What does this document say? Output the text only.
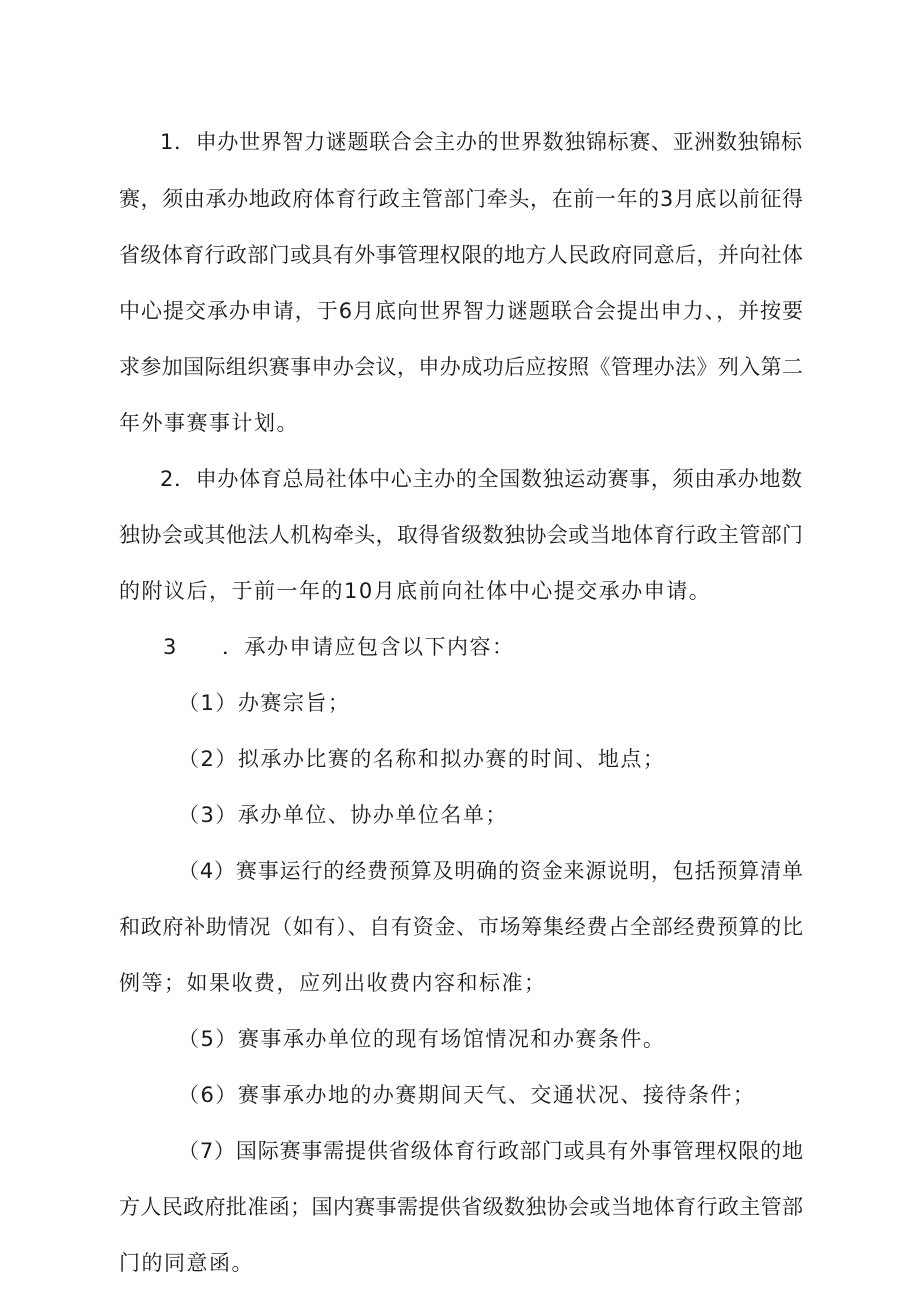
1．申办世界智力谜题联合会主办的世界数独锦标赛、亚洲数独锦标
赛，须由承办地政府体育行政主管部门牵头，在前一年的3月底以前征得
省级体育行政部门或具有外事管理权限的地方人民政府同意后，并向社体
中心提交承办申请，于6月底向世界智力谜题联合会提出申力、，并按要
求参加国际组织赛事申办会议，申办成功后应按照《管理办法》列入第二
年外事赛事计划。
2．申办体育总局社体中心主办的全国数独运动赛事，须由承办地数
独协会或其他法人机构牵头，取得省级数独协会或当地体育行政主管部门
的附议后，于前一年的10月底前向社体中心提交承办申请。
3 ．承办申请应包含以下内容：
（1）办赛宗旨；
（2）拟承办比赛的名称和拟办赛的时间、地点；
（3）承办单位、协办单位名单；
（4）赛事运行的经费预算及明确的资金来源说明，包括预算清单
和政府补助情况（如有）、自有资金、市场筹集经费占全部经费预算的比
例等；如果收费，应列出收费内容和标准；
（5）赛事承办单位的现有场馆情况和办赛条件。
（6）赛事承办地的办赛期间天气、交通状况、接待条件；
（7）国际赛事需提供省级体育行政部门或具有外事管理权限的地
方人民政府批准函；国内赛事需提供省级数独协会或当地体育行政主管部
门的同意函。
